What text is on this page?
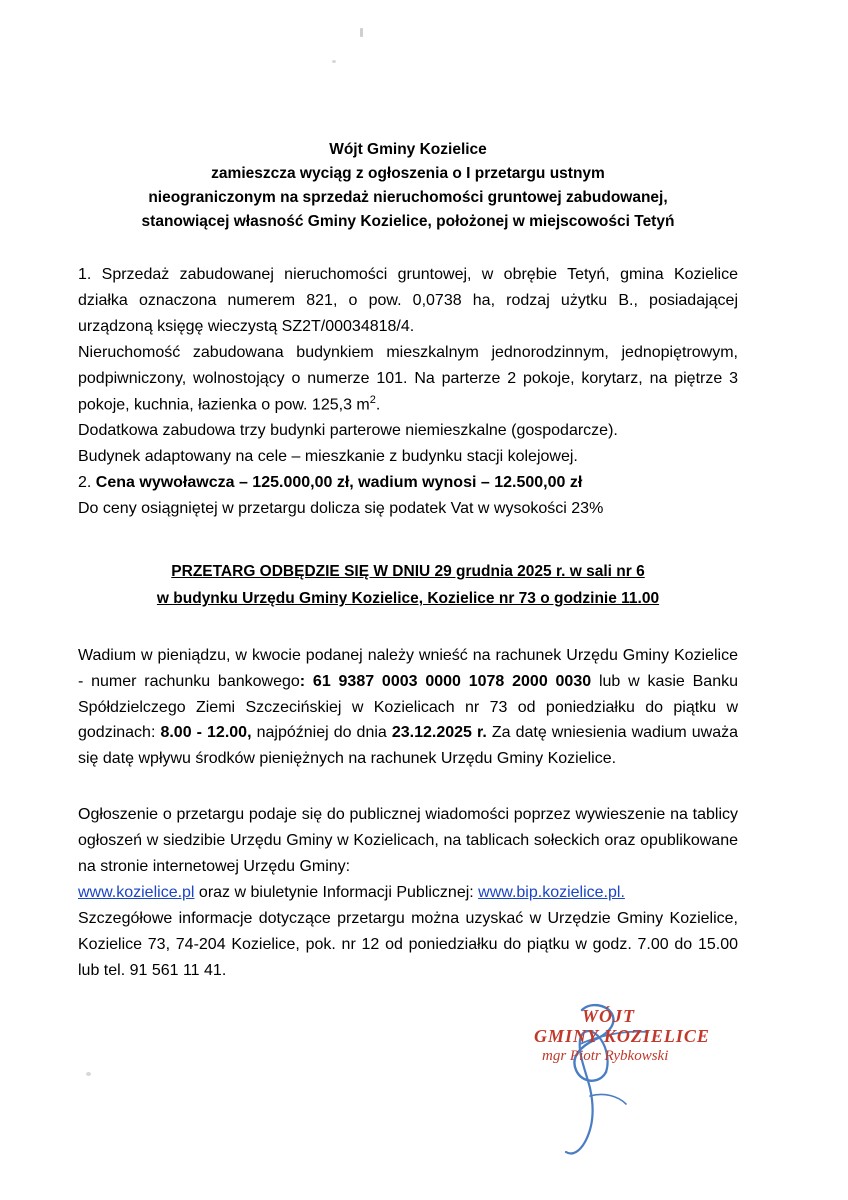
Wójt Gminy Kozielice
zamieszcza wyciąg z ogłoszenia o I przetargu ustnym
nieograniczonym na sprzedaż nieruchomości gruntowej zabudowanej,
stanowiącej własność Gminy Kozielice, położonej w miejscowości Tetyń

1. Sprzedaż zabudowanej nieruchomości gruntowej, w obrębie Tetyń, gmina Kozielice działka oznaczona numerem 821, o pow. 0,0738 ha, rodzaj użytku B., posiadającej urządzoną księgę wieczystą SZ2T/00034818/4.

Nieruchomość zabudowana budynkiem mieszkalnym jednorodzinnym, jednopiętrowym, podpiwniczony, wolnostojący o numerze 101. Na parterze 2 pokoje, korytarz, na piętrze 3 pokoje, kuchnia, łazienka o pow. 125,3 $m^2$.

Dodatkowa zabudowa trzy budynki parterowe niemieszkalne (gospodarcze).

Budynek adaptowany na cele – mieszkanie z budynku stacji kolejowej.

2. Cena wywoławcza – 125.000,00 zł, wadium wynosi – 12.500,00 zł

Do ceny osiągniętej w przetargu dolicza się podatek Vat w wysokości 23%

PRZETARG ODBĘDZIE SIĘ W DNIU 29 grudnia 2025 r. w sali nr 6
w budynku Urzędu Gminy Kozielice, Kozielice nr 73 o godzinie 11.00

Wadium w pieniądzu, w kwocie podanej należy wnieść na rachunek Urzędu Gminy Kozielice - numer rachunku bankowego: 61 9387 0003 0000 1078 2000 0030 lub w kasie Banku Spółdzielczego Ziemi Szczecińskiej w Kozielicach nr 73 od poniedziałku do piątku w godzinach: 8.00 - 12.00, najpóźniej do dnia 23.12.2025 r. Za datę wniesienia wadium uważa się datę wpływu środków pieniężnych na rachunek Urzędu Gminy Kozielice.

Ogłoszenie o przetargu podaje się do publicznej wiadomości poprzez wywieszenie na tablicy ogłoszeń w siedzibie Urzędu Gminy w Kozielicach, na tablicach sołeckich oraz opublikowane na stronie internetowej Urzędu Gminy:

www.kozielice.pl oraz w biuletynie Informacji Publicznej: www.bip.kozielice.pl.

Szczegółowe informacje dotyczące przetargu można uzyskać w Urzędzie Gminy Kozielice, Kozielice 73, 74-204 Kozielice, pok. nr 12 od poniedziałku do piątku w godz. 7.00 do 15.00 lub tel. 91 561 11 41.

WÓJT
GMINY KOZIELICE
mgr Piotr Rybkowski
